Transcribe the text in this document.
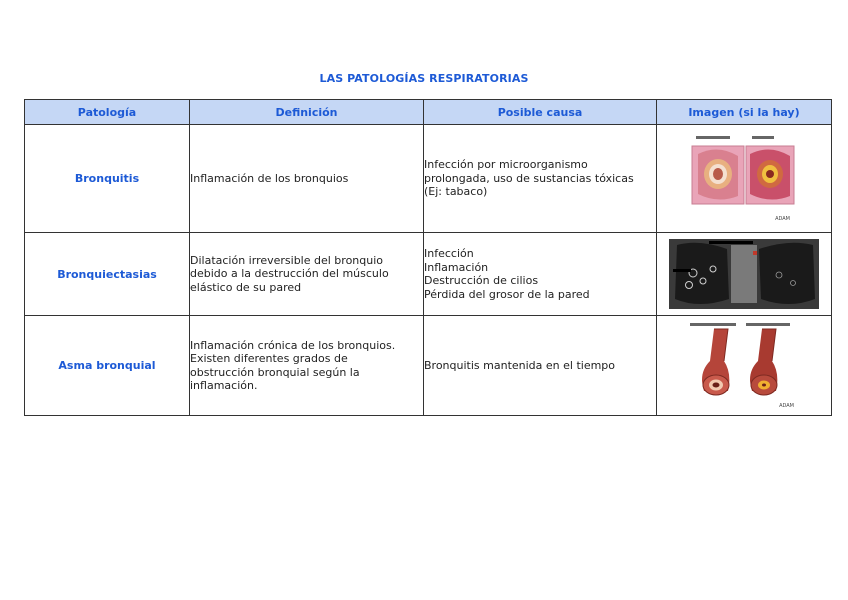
LAS PATOLOGÍAS RESPIRATORIAS
Patología	Definición	Posible causa	Imagen (si la hay)
Bronquitis	Inflamación de los bronquios	Infección por microorganismo
prolongada, uso de sustancias tóxicas
(Ej: tabaco)	ADAM

Bronquiectasias	Dilatación irreversible del bronquio
debido a la destrucción del músculo
elástico de su pared	Infección
Inflamación
Destrucción de cilios
Pérdida del grosor de la pared

Asma bronquial	Inflamación crónica de los bronquios.
Existen diferentes grados de
obstrucción bronquial según la
inflamación.	Bronquitis mantenida en el tiempo	ADAM
